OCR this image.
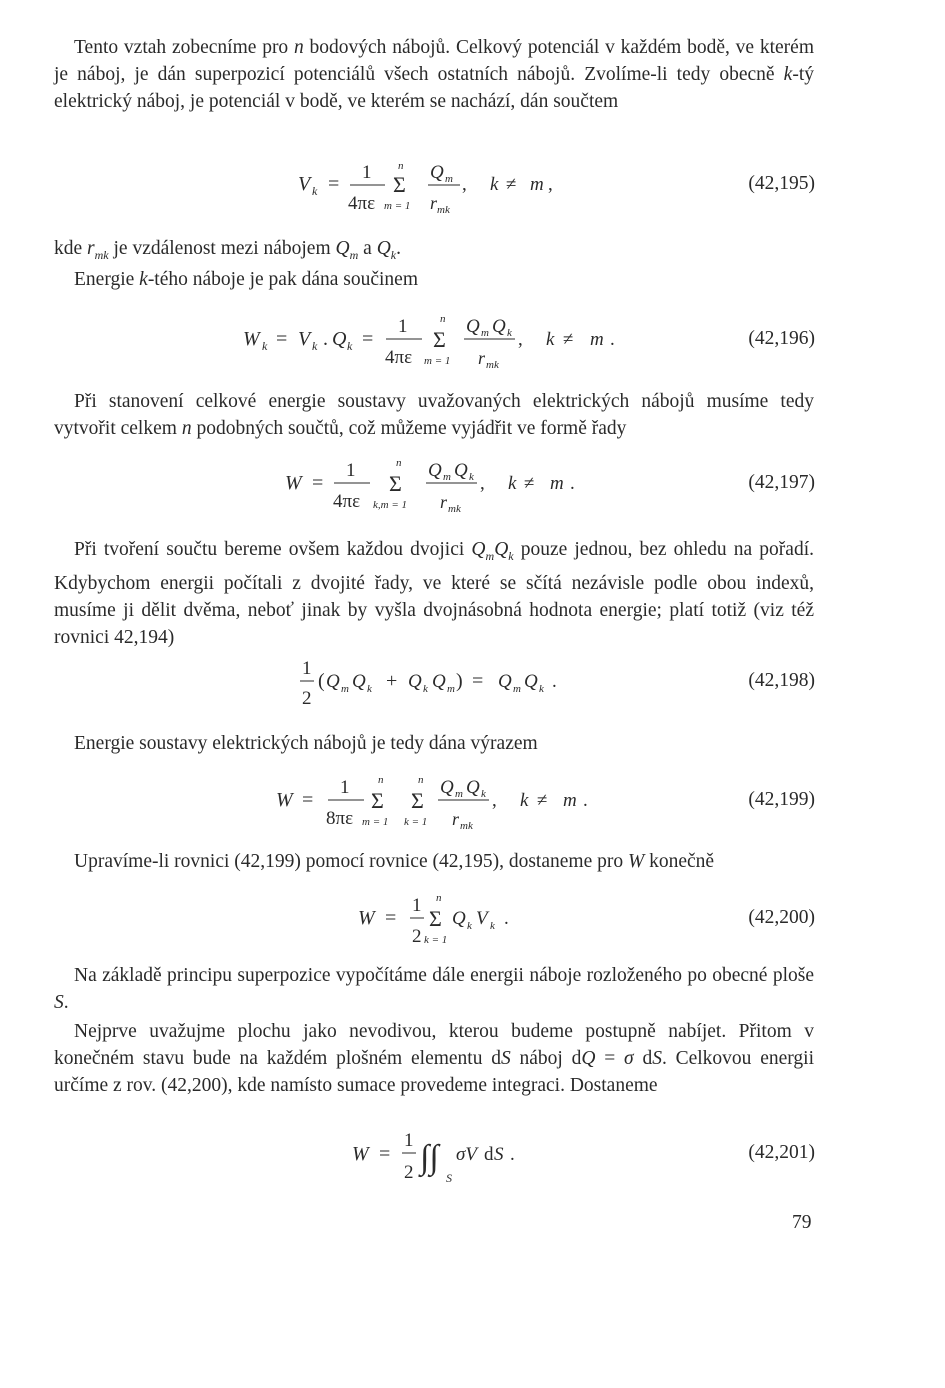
Tento vztah zobecníme pro n bodových nábojů. Celkový potenciál v každém bodě, ve kterém je náboj, je dán superpozicí potenciálů všech ostatních nábojů. Zvolíme-li tedy obecně k-tý elektrický náboj, je potenciál v bodě, ve kterém se nachází, dán součtem

V k =
1
4πε
n
Σ
m = 1
Q m
r mk
, k ≠ m ,	(42,195)

kde $r_{mk}$ je vzdálenost mezi nábojem $Q_m$ a $Q_k$.

Energie k-tého náboje je pak dána součinem

W k = V k . Q k =
1
4πε
n
Σ
m = 1
Q m Q k
r mk
, k ≠ m .	(42,196)

Při stanovení celkové energie soustavy uvažovaných elektrických nábojů musíme tedy vytvořit celkem n podobných součtů, což můžeme vyjádřit ve formě řady

W =
1
4πε
n
Σ
k,m = 1
Q m Q k
r mk
, k ≠ m .	(42,197)

Při tvoření součtu bereme ovšem každou dvojici $Q_mQ_k$ pouze jednou, bez ohledu na pořadí. Kdybychom energii počítali z dvojité řady, ve které se sčítá nezávisle podle obou indexů, musíme ji dělit dvěma, neboť jinak by vyšla dvojnásobná hodnota energie; platí totiž (viz též rovnici 42,194)

1
2
( Q m Q k + Q k Q m ) = Q m Q k .	(42,198)

Energie soustavy elektrických nábojů je tedy dána výrazem

W =
1
8πε
n
Σ
m = 1
n
Σ
k = 1
Q m Q k
r mk
, k ≠ m .	(42,199)

Upravíme-li rovnici (42,199) pomocí rovnice (42,195), dostaneme pro W konečně

W =
1
2
n
Σ
k = 1
Q k V k .	(42,200)

Na základě principu superpozice vypočítáme dále energii náboje rozloženého po obecné ploše S.

Nejprve uvažujme plochu jako nevodivou, kterou budeme postupně nabíjet. Přitom v konečném stavu bude na každém plošném elementu dS náboj dQ = σ dS. Celkovou energii určíme z rov. (42,200), kde namísto sumace provedeme integraci. Dostaneme

W =
1
2 ∫∫
S
σV d S .	(42,201)
79
